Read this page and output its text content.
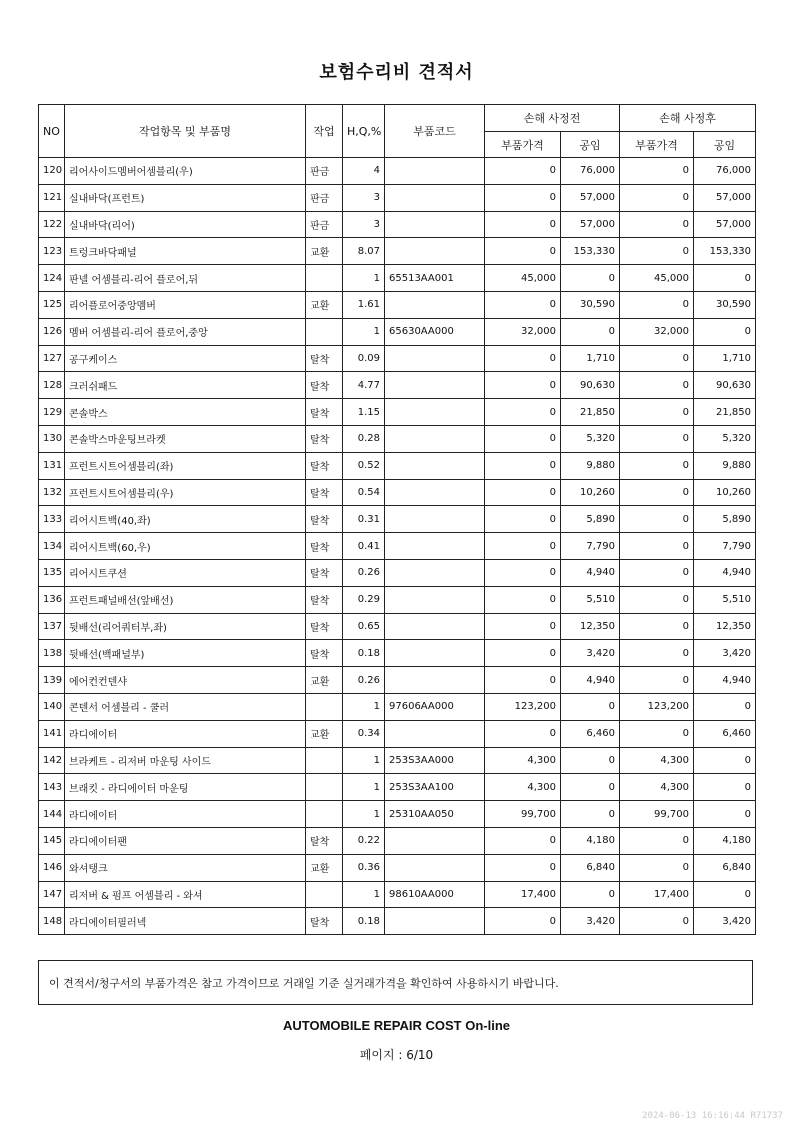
보험수리비 견적서
NO	작업항목 및 부품명	작업	H,Q,%	부품코드	손해 사정전		손해 사정후	
					부품가격	공임	부품가격	공임
120	리어사이드멤버어셈블리(우)	판금	4		0	76,000	0	76,000
121	실내바닥(프런트)	판금	3		0	57,000	0	57,000
122	실내바닥(리어)	판금	3		0	57,000	0	57,000
123	트렁크바닥패널	교환	8.07		0	153,330	0	153,330
124	판넬 어셈블리-리어 플로어,뒤		1	65513AA001	45,000	0	45,000	0
125	리어플로어중앙멤버	교환	1.61		0	30,590	0	30,590
126	멤버 어셈블리-리어 플로어,중앙		1	65630AA000	32,000	0	32,000	0
127	공구케이스	탈착	0.09		0	1,710	0	1,710
128	크러쉬패드	탈착	4.77		0	90,630	0	90,630
129	콘솔박스	탈착	1.15		0	21,850	0	21,850
130	콘솔박스마운팅브라켓	탈착	0.28		0	5,320	0	5,320
131	프런트시트어셈블리(좌)	탈착	0.52		0	9,880	0	9,880
132	프런트시트어셈블리(우)	탈착	0.54		0	10,260	0	10,260
133	리어시트백(40,좌)	탈착	0.31		0	5,890	0	5,890
134	리어시트백(60,우)	탈착	0.41		0	7,790	0	7,790
135	리어시트쿠션	탈착	0.26		0	4,940	0	4,940
136	프런트패널배선(앞배선)	탈착	0.29		0	5,510	0	5,510
137	뒷배선(리어쿼터부,좌)	탈착	0.65		0	12,350	0	12,350
138	뒷배선(백패널부)	탈착	0.18		0	3,420	0	3,420
139	에어컨컨덴샤	교환	0.26		0	4,940	0	4,940
140	콘덴서 어셈블리 - 쿨러		1	97606AA000	123,200	0	123,200	0
141	라디에이터	교환	0.34		0	6,460	0	6,460
142	브라케트 - 리저버 마운팅 사이드		1	253S3AA000	4,300	0	4,300	0
143	브래킷 - 라디에이터 마운팅		1	253S3AA100	4,300	0	4,300	0
144	라디에이터		1	25310AA050	99,700	0	99,700	0
145	라디에이터팬	탈착	0.22		0	4,180	0	4,180
146	와셔탱크	교환	0.36		0	6,840	0	6,840
147	리저버 & 펌프 어셈블리 - 와셔		1	98610AA000	17,400	0	17,400	0
148	라디에이터필러넥	탈착	0.18		0	3,420	0	3,420
이 견적서/청구서의 부품가격은 참고 가격이므로 거래일 기준 실거래가격을 확인하여 사용하시기 바랍니다.
AUTOMOBILE REPAIR COST On-line
페이지 : 6/10
2024-06-13 16:16:44 R71737
